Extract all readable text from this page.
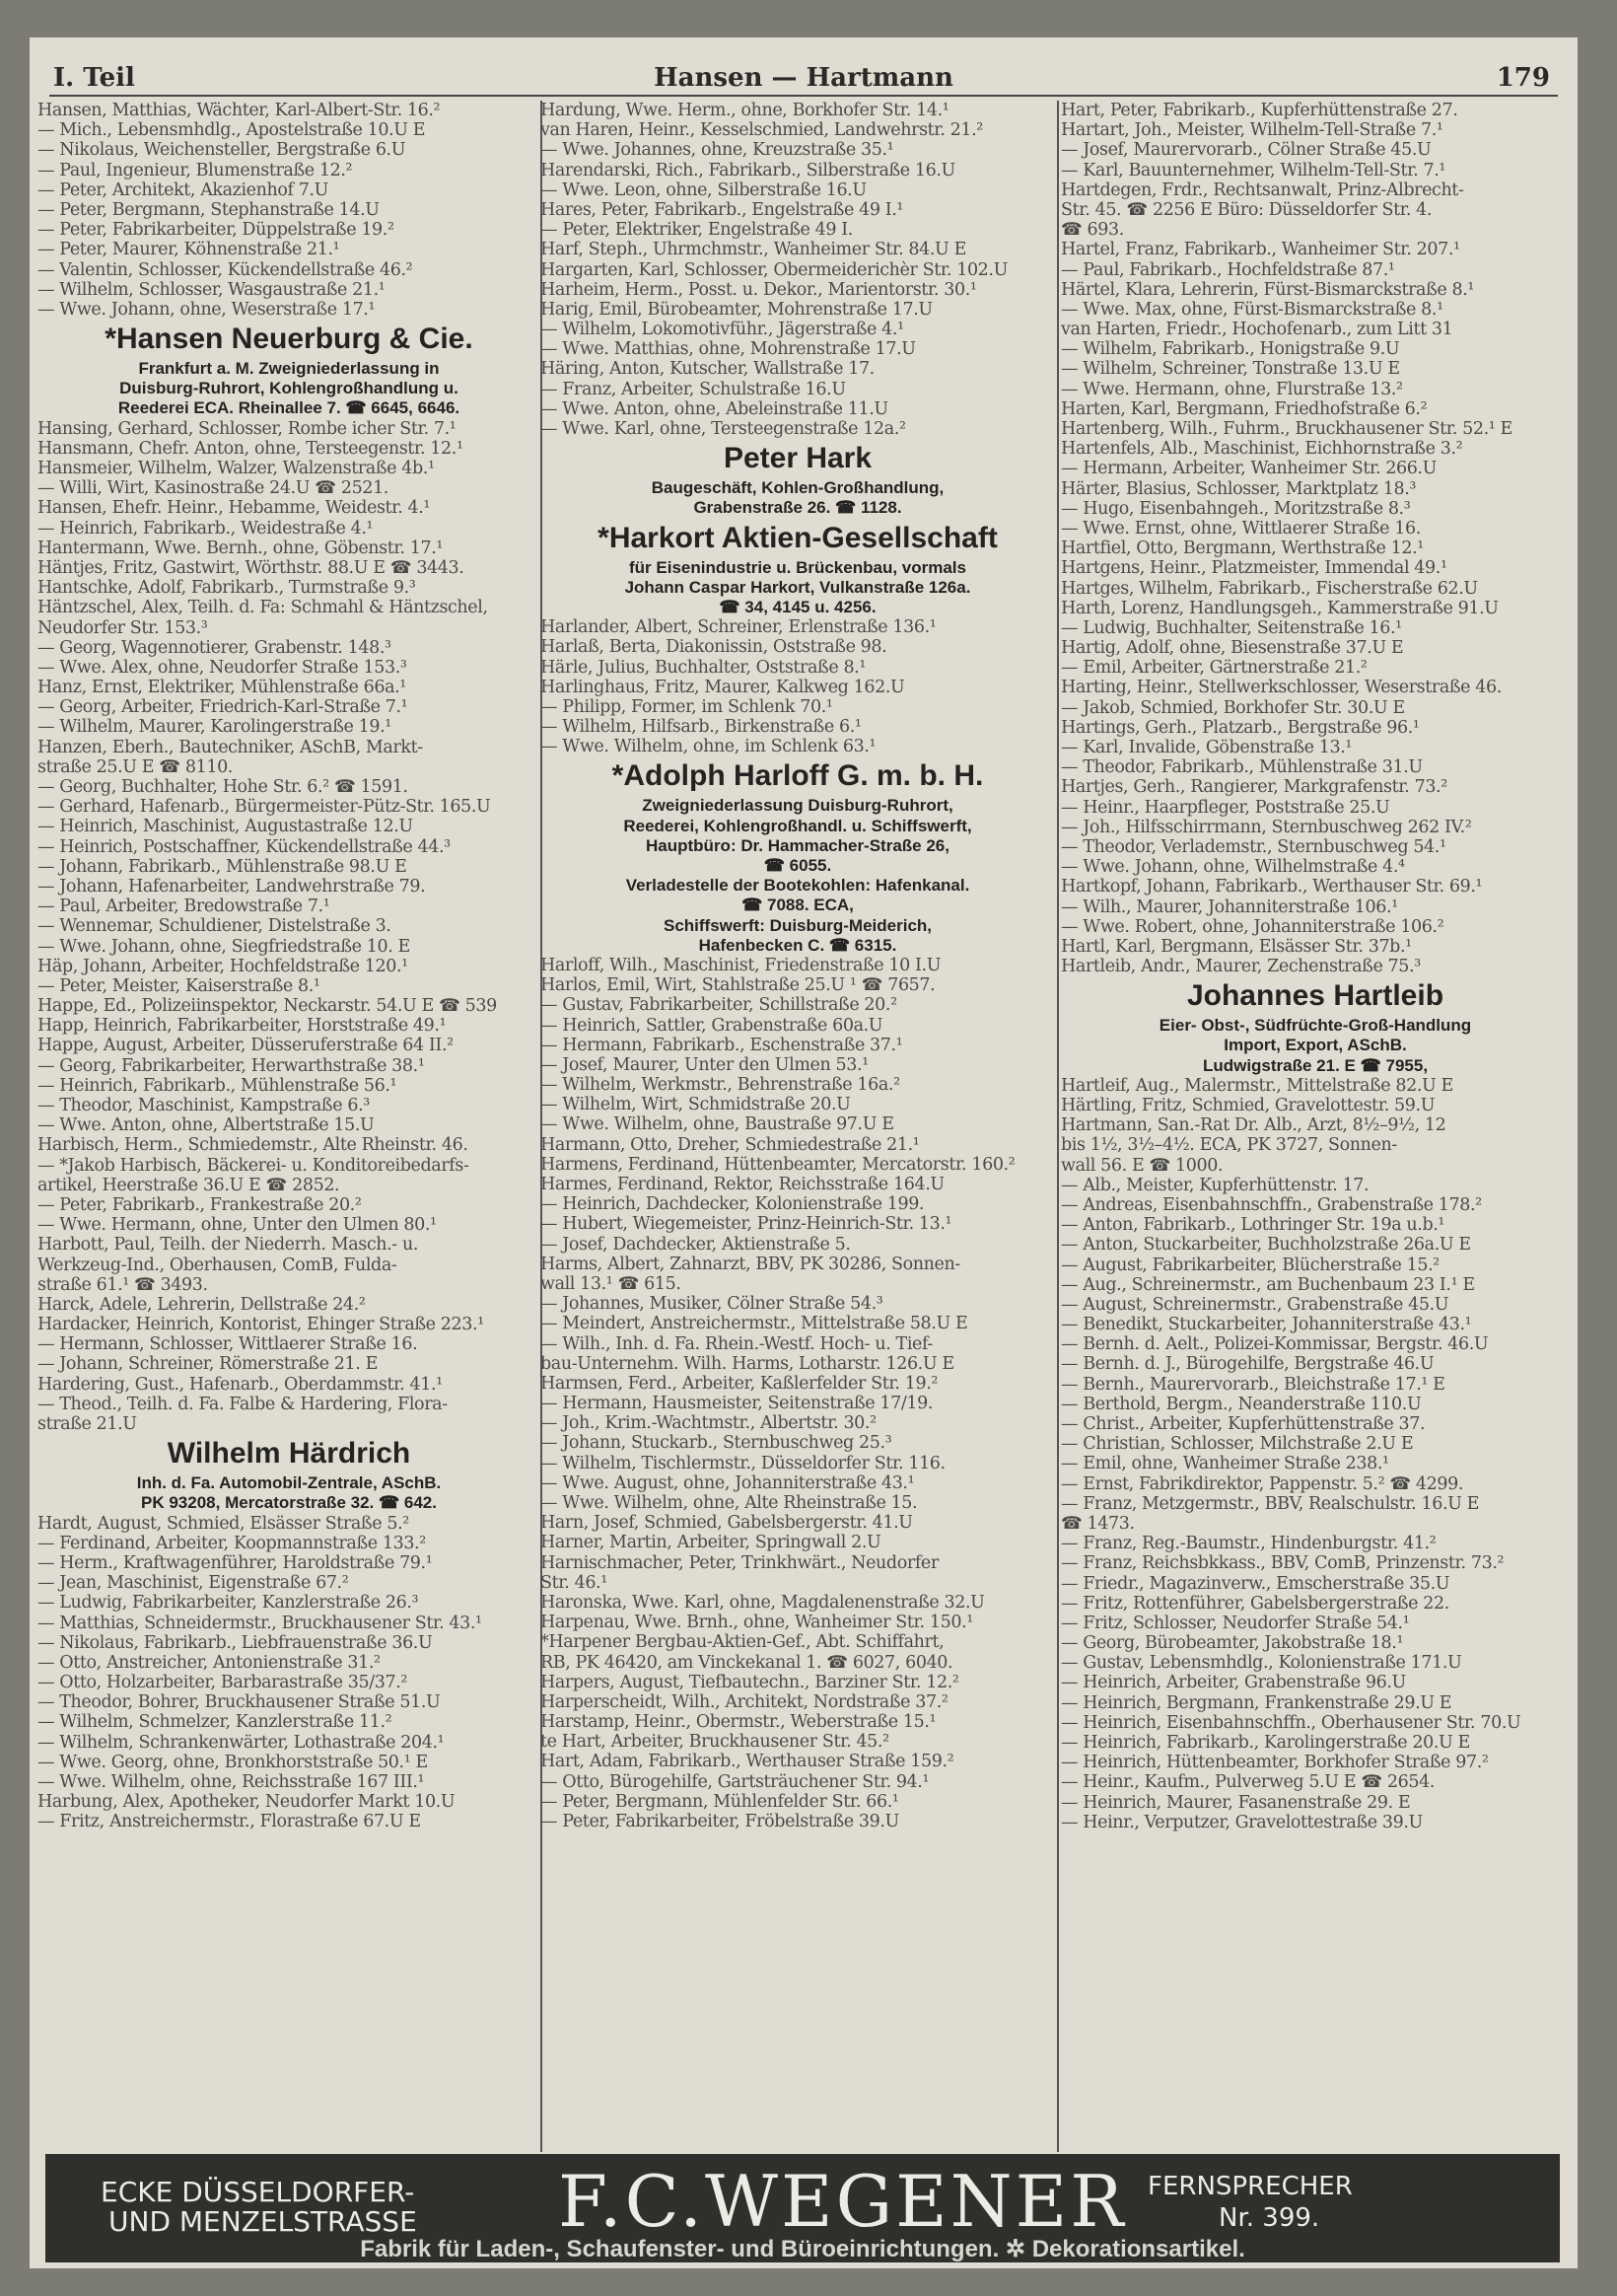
I. Teil	Hansen — Hartmann	179
Hansen, Matthias, Wächter, Karl-Albert-Str. 16.²
— Mich., Lebensmhdlg., Apostelstraße 10.U E
— Nikolaus, Weichensteller, Bergstraße 6.U
— Paul, Ingenieur, Blumenstraße 12.²
— Peter, Architekt, Akazienhof 7.U
— Peter, Bergmann, Stephanstraße 14.U
— Peter, Fabrikarbeiter, Düppelstraße 19.²
— Peter, Maurer, Köhnenstraße 21.¹
— Valentin, Schlosser, Kückendellstraße 46.²
— Wilhelm, Schlosser, Wasgaustraße 21.¹
— Wwe. Johann, ohne, Weserstraße 17.¹
*Hansen Neuerburg & Cie.
Frankfurt a. M. Zweigniederlassung in
Duisburg-Ruhrort, Kohlengroßhandlung u.
Reederei ECA. Rheinallee 7. ☎ 6645, 6646.
Hansing, Gerhard, Schlosser, Rombe icher Str. 7.¹
Hansmann, Chefr. Anton, ohne, Tersteegenstr. 12.¹
Hansmeier, Wilhelm, Walzer, Walzenstraße 4b.¹
— Willi, Wirt, Kasinostraße 24.U ☎ 2521.
Hansen, Ehefr. Heinr., Hebamme, Weidestr. 4.¹
— Heinrich, Fabrikarb., Weidestraße 4.¹
Hantermann, Wwe. Bernh., ohne, Göbenstr. 17.¹
Häntjes, Fritz, Gastwirt, Wörthstr. 88.U E ☎ 3443.
Hantschke, Adolf, Fabrikarb., Turmstraße 9.³
Häntzschel, Alex, Teilh. d. Fa: Schmahl & Häntzschel,
Neudorfer Str. 153.³
— Georg, Wagennotierer, Grabenstr. 148.³
— Wwe. Alex, ohne, Neudorfer Straße 153.³
Hanz, Ernst, Elektriker, Mühlenstraße 66a.¹
— Georg, Arbeiter, Friedrich-Karl-Straße 7.¹
— Wilhelm, Maurer, Karolingerstraße 19.¹
Hanzen, Eberh., Bautechniker, ASchB, Markt-
straße 25.U E ☎ 8110.
— Georg, Buchhalter, Hohe Str. 6.² ☎ 1591.
— Gerhard, Hafenarb., Bürgermeister-Pütz-Str. 165.U
— Heinrich, Maschinist, Augustastraße 12.U
— Heinrich, Postschaffner, Kückendellstraße 44.³
— Johann, Fabrikarb., Mühlenstraße 98.U E
— Johann, Hafenarbeiter, Landwehrstraße 79.
— Paul, Arbeiter, Bredowstraße 7.¹
— Wennemar, Schuldiener, Distelstraße 3.
— Wwe. Johann, ohne, Siegfriedstraße 10. E
Häp, Johann, Arbeiter, Hochfeldstraße 120.¹
— Peter, Meister, Kaiserstraße 8.¹
Happe, Ed., Polizeiinspektor, Neckarstr. 54.U E ☎ 539
Happ, Heinrich, Fabrikarbeiter, Horststraße 49.¹
Happe, August, Arbeiter, Düsseruferstraße 64 II.²
— Georg, Fabrikarbeiter, Herwarthstraße 38.¹
— Heinrich, Fabrikarb., Mühlenstraße 56.¹
— Theodor, Maschinist, Kampstraße 6.³
— Wwe. Anton, ohne, Albertstraße 15.U
Harbisch, Herm., Schmiedemstr., Alte Rheinstr. 46.
— *Jakob Harbisch, Bäckerei- u. Konditoreibedarfs-
artikel, Heerstraße 36.U E ☎ 2852.
— Peter, Fabrikarb., Frankestraße 20.²
— Wwe. Hermann, ohne, Unter den Ulmen 80.¹
Harbott, Paul, Teilh. der Niederrh. Masch.- u.
Werkzeug-Ind., Oberhausen, ComB, Fulda-
straße 61.¹ ☎ 3493.
Harck, Adele, Lehrerin, Dellstraße 24.²
Hardacker, Heinrich, Kontorist, Ehinger Straße 223.¹
— Hermann, Schlosser, Wittlaerer Straße 16.
— Johann, Schreiner, Römerstraße 21. E
Hardering, Gust., Hafenarb., Oberdammstr. 41.¹
— Theod., Teilh. d. Fa. Falbe & Hardering, Flora-
straße 21.U
Wilhelm Härdrich
Inh. d. Fa. Automobil-Zentrale, ASchB.
PK 93208, Mercatorstraße 32. ☎ 642.
Hardt, August, Schmied, Elsässer Straße 5.²
— Ferdinand, Arbeiter, Koopmannstraße 133.²
— Herm., Kraftwagenführer, Haroldstraße 79.¹
— Jean, Maschinist, Eigenstraße 67.²
— Ludwig, Fabrikarbeiter, Kanzlerstraße 26.³
— Matthias, Schneidermstr., Bruckhausener Str. 43.¹
— Nikolaus, Fabrikarb., Liebfrauenstraße 36.U
— Otto, Anstreicher, Antonienstraße 31.²
— Otto, Holzarbeiter, Barbarastraße 35/37.²
— Theodor, Bohrer, Bruckhausener Straße 51.U
— Wilhelm, Schmelzer, Kanzlerstraße 11.²
— Wilhelm, Schrankenwärter, Lothastraße 204.¹
— Wwe. Georg, ohne, Bronkhorststraße 50.¹ E
— Wwe. Wilhelm, ohne, Reichsstraße 167 III.¹
Harbung, Alex, Apotheker, Neudorfer Markt 10.U
— Fritz, Anstreichermstr., Florastraße 67.U E
Hardung, Wwe. Herm., ohne, Borkhofer Str. 14.¹
van Haren, Heinr., Kesselschmied, Landwehrstr. 21.²
— Wwe. Johannes, ohne, Kreuzstraße 35.¹
Harendarski, Rich., Fabrikarb., Silberstraße 16.U
— Wwe. Leon, ohne, Silberstraße 16.U
Hares, Peter, Fabrikarb., Engelstraße 49 I.¹
— Peter, Elektriker, Engelstraße 49 I.
Harf, Steph., Uhrmchmstr., Wanheimer Str. 84.U E
Hargarten, Karl, Schlosser, Obermeiderichèr Str. 102.U
Harheim, Herm., Posst. u. Dekor., Marientorstr. 30.¹
Harig, Emil, Bürobeamter, Mohrenstraße 17.U
— Wilhelm, Lokomotivführ., Jägerstraße 4.¹
— Wwe. Matthias, ohne, Mohrenstraße 17.U
Häring, Anton, Kutscher, Wallstraße 17.
— Franz, Arbeiter, Schulstraße 16.U
— Wwe. Anton, ohne, Abeleinstraße 11.U
— Wwe. Karl, ohne, Tersteegenstraße 12a.²
Peter Hark
Baugeschäft, Kohlen-Großhandlung,
Grabenstraße 26. ☎ 1128.
*Harkort Aktien-Gesellschaft
für Eisenindustrie u. Brückenbau, vormals
Johann Caspar Harkort, Vulkanstraße 126a.
☎ 34, 4145 u. 4256.
Harlander, Albert, Schreiner, Erlenstraße 136.¹
Harlaß, Berta, Diakonissin, Oststraße 98.
Härle, Julius, Buchhalter, Oststraße 8.¹
Harlinghaus, Fritz, Maurer, Kalkweg 162.U
— Philipp, Former, im Schlenk 70.¹
— Wilhelm, Hilfsarb., Birkenstraße 6.¹
— Wwe. Wilhelm, ohne, im Schlenk 63.¹
*Adolph Harloff G. m. b. H.
Zweigniederlassung Duisburg-Ruhrort,
Reederei, Kohlengroßhandl. u. Schiffswerft,
Hauptbüro: Dr. Hammacher-Straße 26,
☎ 6055.
Verladestelle der Bootekohlen: Hafenkanal.
☎ 7088. ECA,
Schiffswerft: Duisburg-Meiderich,
Hafenbecken C. ☎ 6315.
Harloff, Wilh., Maschinist, Friedenstraße 10 I.U
Harlos, Emil, Wirt, Stahlstraße 25.U ¹ ☎ 7657.
— Gustav, Fabrikarbeiter, Schillstraße 20.²
— Heinrich, Sattler, Grabenstraße 60a.U
— Hermann, Fabrikarb., Eschenstraße 37.¹
— Josef, Maurer, Unter den Ulmen 53.¹
— Wilhelm, Werkmstr., Behrenstraße 16a.²
— Wilhelm, Wirt, Schmidstraße 20.U
— Wwe. Wilhelm, ohne, Baustraße 97.U E
Harmann, Otto, Dreher, Schmiedestraße 21.¹
Harmens, Ferdinand, Hüttenbeamter, Mercatorstr. 160.²
Harmes, Ferdinand, Rektor, Reichsstraße 164.U
— Heinrich, Dachdecker, Kolonienstraße 199.
— Hubert, Wiegemeister, Prinz-Heinrich-Str. 13.¹
— Josef, Dachdecker, Aktienstraße 5.
Harms, Albert, Zahnarzt, BBV, PK 30286, Sonnen-
wall 13.¹ ☎ 615.
— Johannes, Musiker, Cölner Straße 54.³
— Meindert, Anstreichermstr., Mittelstraße 58.U E
— Wilh., Inh. d. Fa. Rhein.-Westf. Hoch- u. Tief-
bau-Unternehm. Wilh. Harms, Lotharstr. 126.U E
Harmsen, Ferd., Arbeiter, Kaßlerfelder Str. 19.²
— Hermann, Hausmeister, Seitenstraße 17/19.
— Joh., Krim.-Wachtmstr., Albertstr. 30.²
— Johann, Stuckarb., Sternbuschweg 25.³
— Wilhelm, Tischlermstr., Düsseldorfer Str. 116.
— Wwe. August, ohne, Johanniterstraße 43.¹
— Wwe. Wilhelm, ohne, Alte Rheinstraße 15.
Harn, Josef, Schmied, Gabelsbergerstr. 41.U
Harner, Martin, Arbeiter, Springwall 2.U
Harnischmacher, Peter, Trinkhwärt., Neudorfer
Str. 46.¹
Haronska, Wwe. Karl, ohne, Magdalenenstraße 32.U
Harpenau, Wwe. Brnh., ohne, Wanheimer Str. 150.¹
*Harpener Bergbau-Aktien-Gef., Abt. Schiffahrt,
RB, PK 46420, am Vinckekanal 1. ☎ 6027, 6040.
Harpers, August, Tiefbautechn., Barziner Str. 12.²
Harperscheidt, Wilh., Architekt, Nordstraße 37.²
Harstamp, Heinr., Obermstr., Weberstraße 15.¹
te Hart, Arbeiter, Bruckhausener Str. 45.²
Hart, Adam, Fabrikarb., Werthauser Straße 159.²
— Otto, Bürogehilfe, Gartsträuchener Str. 94.¹
— Peter, Bergmann, Mühlenfelder Str. 66.¹
— Peter, Fabrikarbeiter, Fröbelstraße 39.U
Hart, Peter, Fabrikarb., Kupferhüttenstraße 27.
Hartart, Joh., Meister, Wilhelm-Tell-Straße 7.¹
— Josef, Maurervorarb., Cölner Straße 45.U
— Karl, Bauunternehmer, Wilhelm-Tell-Str. 7.¹
Hartdegen, Frdr., Rechtsanwalt, Prinz-Albrecht-
Str. 45. ☎ 2256 E Büro: Düsseldorfer Str. 4.
☎ 693.
Hartel, Franz, Fabrikarb., Wanheimer Str. 207.¹
— Paul, Fabrikarb., Hochfeldstraße 87.¹
Härtel, Klara, Lehrerin, Fürst-Bismarckstraße 8.¹
— Wwe. Max, ohne, Fürst-Bismarckstraße 8.¹
van Harten, Friedr., Hochofenarb., zum Litt 31
— Wilhelm, Fabrikarb., Honigstraße 9.U
— Wilhelm, Schreiner, Tonstraße 13.U E
— Wwe. Hermann, ohne, Flurstraße 13.²
Harten, Karl, Bergmann, Friedhofstraße 6.²
Hartenberg, Wilh., Fuhrm., Bruckhausener Str. 52.¹ E
Hartenfels, Alb., Maschinist, Eichhornstraße 3.²
— Hermann, Arbeiter, Wanheimer Str. 266.U
Härter, Blasius, Schlosser, Marktplatz 18.³
— Hugo, Eisenbahngeh., Moritzstraße 8.³
— Wwe. Ernst, ohne, Wittlaerer Straße 16.
Hartfiel, Otto, Bergmann, Werthstraße 12.¹
Hartgens, Heinr., Platzmeister, Immendal 49.¹
Hartges, Wilhelm, Fabrikarb., Fischerstraße 62.U
Harth, Lorenz, Handlungsgeh., Kammerstraße 91.U
— Ludwig, Buchhalter, Seitenstraße 16.¹
Hartig, Adolf, ohne, Biesenstraße 37.U E
— Emil, Arbeiter, Gärtnerstraße 21.²
Harting, Heinr., Stellwerkschlosser, Weserstraße 46.
— Jakob, Schmied, Borkhofer Str. 30.U E
Hartings, Gerh., Platzarb., Bergstraße 96.¹
— Karl, Invalide, Göbenstraße 13.¹
— Theodor, Fabrikarb., Mühlenstraße 31.U
Hartjes, Gerh., Rangierer, Markgrafenstr. 73.²
— Heinr., Haarpfleger, Poststraße 25.U
— Joh., Hilfsschirrmann, Sternbuschweg 262 IV.²
— Theodor, Verlademstr., Sternbuschweg 54.¹
— Wwe. Johann, ohne, Wilhelmstraße 4.⁴
Hartkopf, Johann, Fabrikarb., Werthauser Str. 69.¹
— Wilh., Maurer, Johanniterstraße 106.¹
— Wwe. Robert, ohne, Johanniterstraße 106.²
Hartl, Karl, Bergmann, Elsässer Str. 37b.¹
Hartleib, Andr., Maurer, Zechenstraße 75.³
Johannes Hartleib
Eier- Obst-, Südfrüchte-Groß-Handlung
Import, Export, ASchB.
Ludwigstraße 21. E ☎ 7955,
Hartleif, Aug., Malermstr., Mittelstraße 82.U E
Härtling, Fritz, Schmied, Gravelottestr. 59.U
Hartmann, San.-Rat Dr. Alb., Arzt, 8½–9½, 12
bis 1½, 3½–4½. ECA, PK 3727, Sonnen-
wall 56. E ☎ 1000.
— Alb., Meister, Kupferhüttenstr. 17.
— Andreas, Eisenbahnschffn., Grabenstraße 178.²
— Anton, Fabrikarb., Lothringer Str. 19a u.b.¹
— Anton, Stuckarbeiter, Buchholzstraße 26a.U E
— August, Fabrikarbeiter, Blücherstraße 15.²
— Aug., Schreinermstr., am Buchenbaum 23 I.¹ E
— August, Schreinermstr., Grabenstraße 45.U
— Benedikt, Stuckarbeiter, Johanniterstraße 43.¹
— Bernh. d. Aelt., Polizei-Kommissar, Bergstr. 46.U
— Bernh. d. J., Bürogehilfe, Bergstraße 46.U
— Bernh., Maurervorarb., Bleichstraße 17.¹ E
— Berthold, Bergm., Neanderstraße 110.U
— Christ., Arbeiter, Kupferhüttenstraße 37.
— Christian, Schlosser, Milchstraße 2.U E
— Emil, ohne, Wanheimer Straße 238.¹
— Ernst, Fabrikdirektor, Pappenstr. 5.² ☎ 4299.
— Franz, Metzgermstr., BBV, Realschulstr. 16.U E
☎ 1473.
— Franz, Reg.-Baumstr., Hindenburgstr. 41.²
— Franz, Reichsbkkass., BBV, ComB, Prinzenstr. 73.²
— Friedr., Magazinverw., Emscherstraße 35.U
— Fritz, Rottenführer, Gabelsbergerstraße 22.
— Fritz, Schlosser, Neudorfer Straße 54.¹
— Georg, Bürobeamter, Jakobstraße 18.¹
— Gustav, Lebensmhdlg., Kolonienstraße 171.U
— Heinrich, Arbeiter, Grabenstraße 96.U
— Heinrich, Bergmann, Frankenstraße 29.U E
— Heinrich, Eisenbahnschffn., Oberhausener Str. 70.U
— Heinrich, Fabrikarb., Karolingerstraße 20.U E
— Heinrich, Hüttenbeamter, Borkhofer Straße 97.²
— Heinr., Kaufm., Pulverweg 5.U E ☎ 2654.
— Heinrich, Maurer, Fasanenstraße 29. E
— Heinr., Verputzer, Gravelottestraße 39.U
ECKE DÜSSELDORFER-
UND MENZELSTRASSE F.C.WEGENER FERNSPRECHER
Nr. 399.
Fabrik für Laden-, Schaufenster- und Büroeinrichtungen. ✲ Dekorationsartikel.
